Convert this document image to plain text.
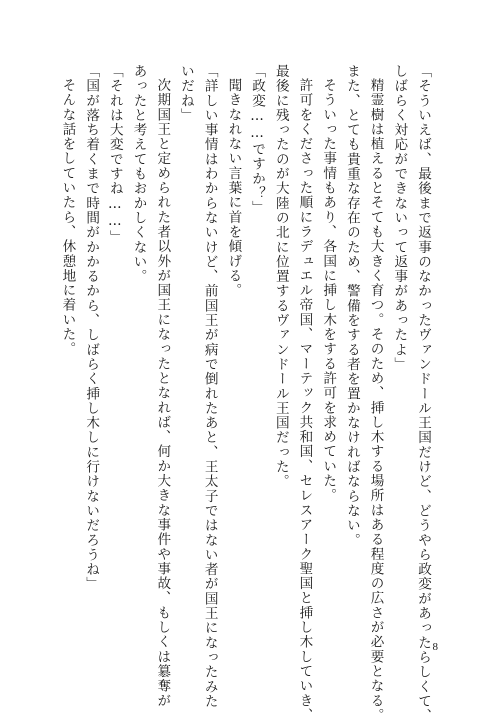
「そういえば、最後まで返事のなかったヴァンドール王国だけど、どうやら政変があったらしくて、
しばらく対応ができないって返事があったよ」
精霊樹は植えるとそても大きく育つ。そのため、挿し木する場所はある程度の広さが必要となる。
また、とても貴重な存在のため、警備をする者を置かなければならない。
そういった事情もあり、各国に挿し木をする許可を求めていた。
許可をくださった順にラデュエル帝国、マーテック共和国、セレスアーク聖国と挿し木していき、
最後に残ったのが大陸の北に位置するヴァンドール王国だった。
「政変……ですか？」
聞きなれない言葉に首を傾げる。
「詳しい事情はわからないけど、前国王が病で倒れたあと、王太子ではない者が国王になったみた
いだね」
次期国王と定められた者以外が国王になったとなれば、何か大きな事件や事故、もしくは簒奪が
あったと考えてもおかしくない。
「それは大変ですね……」
「国が落ち着くまで時間がかかるから、しばらく挿し木しに行けないだろうね」
そんな話をしていたら、休憩地に着いた。
8
